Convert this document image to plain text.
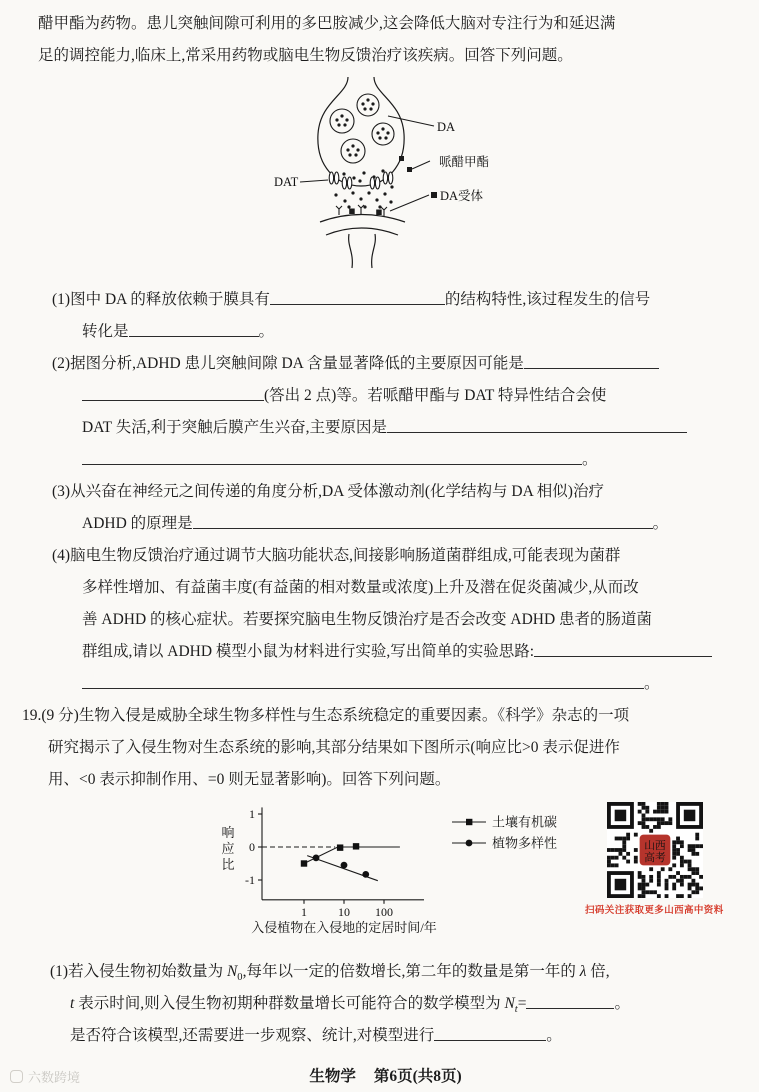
醋甲酯为药物。患儿突触间隙可利用的多巴胺减少,这会降低大脑对专注行为和延迟满
足的调控能力,临床上,常采用药物或脑电生物反馈治疗该疾病。回答下列问题。
DA
哌醋甲酯
DA受体
DAT
(1)图中 DA 的释放依赖于膜具有	的结构特性,该过程发生的信号
转化是	。
(2)据图分析,ADHD 患儿突触间隙 DA 含量显著降低的主要原因可能是
(答出 2 点)等。若哌醋甲酯与 DAT 特异性结合会使
DAT 失活,利于突触后膜产生兴奋,主要原因是
。
(3)从兴奋在神经元之间传递的角度分析,DA 受体激动剂(化学结构与 DA 相似)治疗
ADHD 的原理是	。
(4)脑电生物反馈治疗通过调节大脑功能状态,间接影响肠道菌群组成,可能表现为菌群
多样性增加、有益菌丰度(有益菌的相对数量或浓度)上升及潜在促炎菌减少,从而改
善 ADHD 的核心症状。若要探究脑电生物反馈治疗是否会改变 ADHD 患者的肠道菌
群组成,请以 ADHD 模型小鼠为材料进行实验,写出简单的实验思路:
。
19.(9 分)生物入侵是威胁全球生物多样性与生态系统稳定的重要因素。《科学》杂志的一项
研究揭示了入侵生物对生态系统的影响,其部分结果如下图所示(响应比>0 表示促进作
用、<0 表示抑制作用、=0 则无显著影响)。回答下列问题。
1
0
-1
1	10 100
土壤有机碳
植物多样性
响
应
比
入侵植物在入侵地的定居时间/年
山西
高考
扫码关注获取更多山西高中资料
(1)若入侵生物初始数量为 $N_0$,每年以一定的倍数增长,第二年的数量是第一年的 λ 倍,
t 表示时间,则入侵生物初期种群数量增长可能符合的数学模型为 $N_t=$	。
是否符合该模型,还需要进一步观察、统计,对模型进行	。
生物学 第6页(共8页)
六数跨境
